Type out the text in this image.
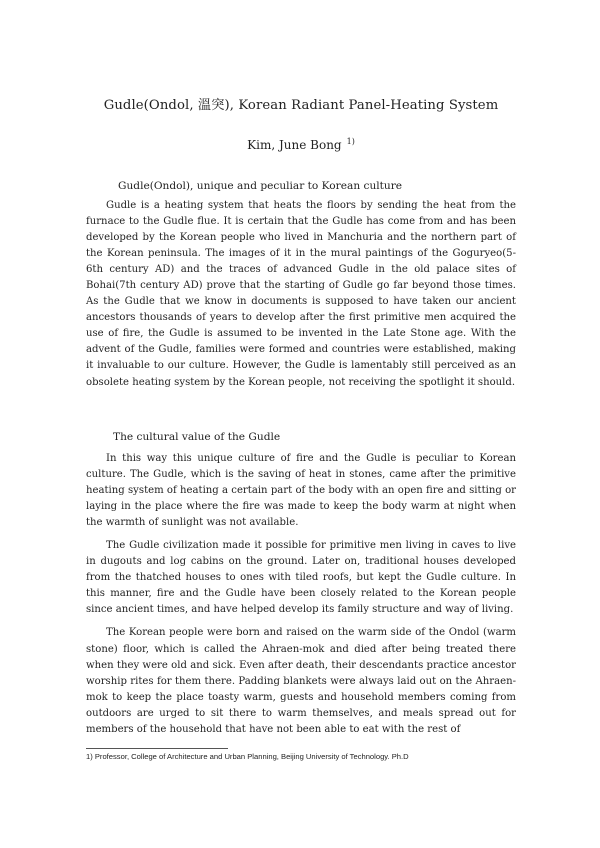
Gudle(Ondol, 溫突), Korean Radiant Panel-Heating System
Kim, June Bong $^{1)}$
Gudle(Ondol), unique and peculiar to Korean culture

Gudle is a heating system that heats the floors by sending the heat from the furnace to the Gudle flue. It is certain that the Gudle has come from and has been developed by the Korean people who lived in Manchuria and the northern part of the Korean peninsula. The images of it in the mural paintings of the Goguryeo(5-6th century AD) and the traces of advanced Gudle in the old palace sites of Bohai(7th century AD) prove that the starting of Gudle go far beyond those times. As the Gudle that we know in documents is supposed to have taken our ancient ancestors thousands of years to develop after the first primitive men acquired the use of fire, the Gudle is assumed to be invented in the Late Stone age. With the advent of the Gudle, families were formed and countries were established, making it invaluable to our culture. However, the Gudle is lamentably still perceived as an obsolete heating system by the Korean people, not receiving the spotlight it should.

The cultural value of the Gudle

In this way this unique culture of fire and the Gudle is peculiar to Korean culture. The Gudle, which is the saving of heat in stones, came after the primitive heating system of heating a certain part of the body with an open fire and sitting or laying in the place where the fire was made to keep the body warm at night when the warmth of sunlight was not available.

The Gudle civilization made it possible for primitive men living in caves to live in dugouts and log cabins on the ground. Later on, traditional houses developed from the thatched houses to ones with tiled roofs, but kept the Gudle culture. In this manner, fire and the Gudle have been closely related to the Korean people since ancient times, and have helped develop its family structure and way of living.

The Korean people were born and raised on the warm side of the Ondol (warm stone) floor, which is called the Ahraen-mok and died after being treated there when they were old and sick. Even after death, their descendants practice ancestor worship rites for them there. Padding blankets were always laid out on the Ahraen-mok to keep the place toasty warm, guests and household members coming from outdoors are urged to sit there to warm themselves, and meals spread out for members of the household that have not been able to eat with the rest of

1) Professor, College of Architecture and Urban Planning, Beijing University of Technology. Ph.D
